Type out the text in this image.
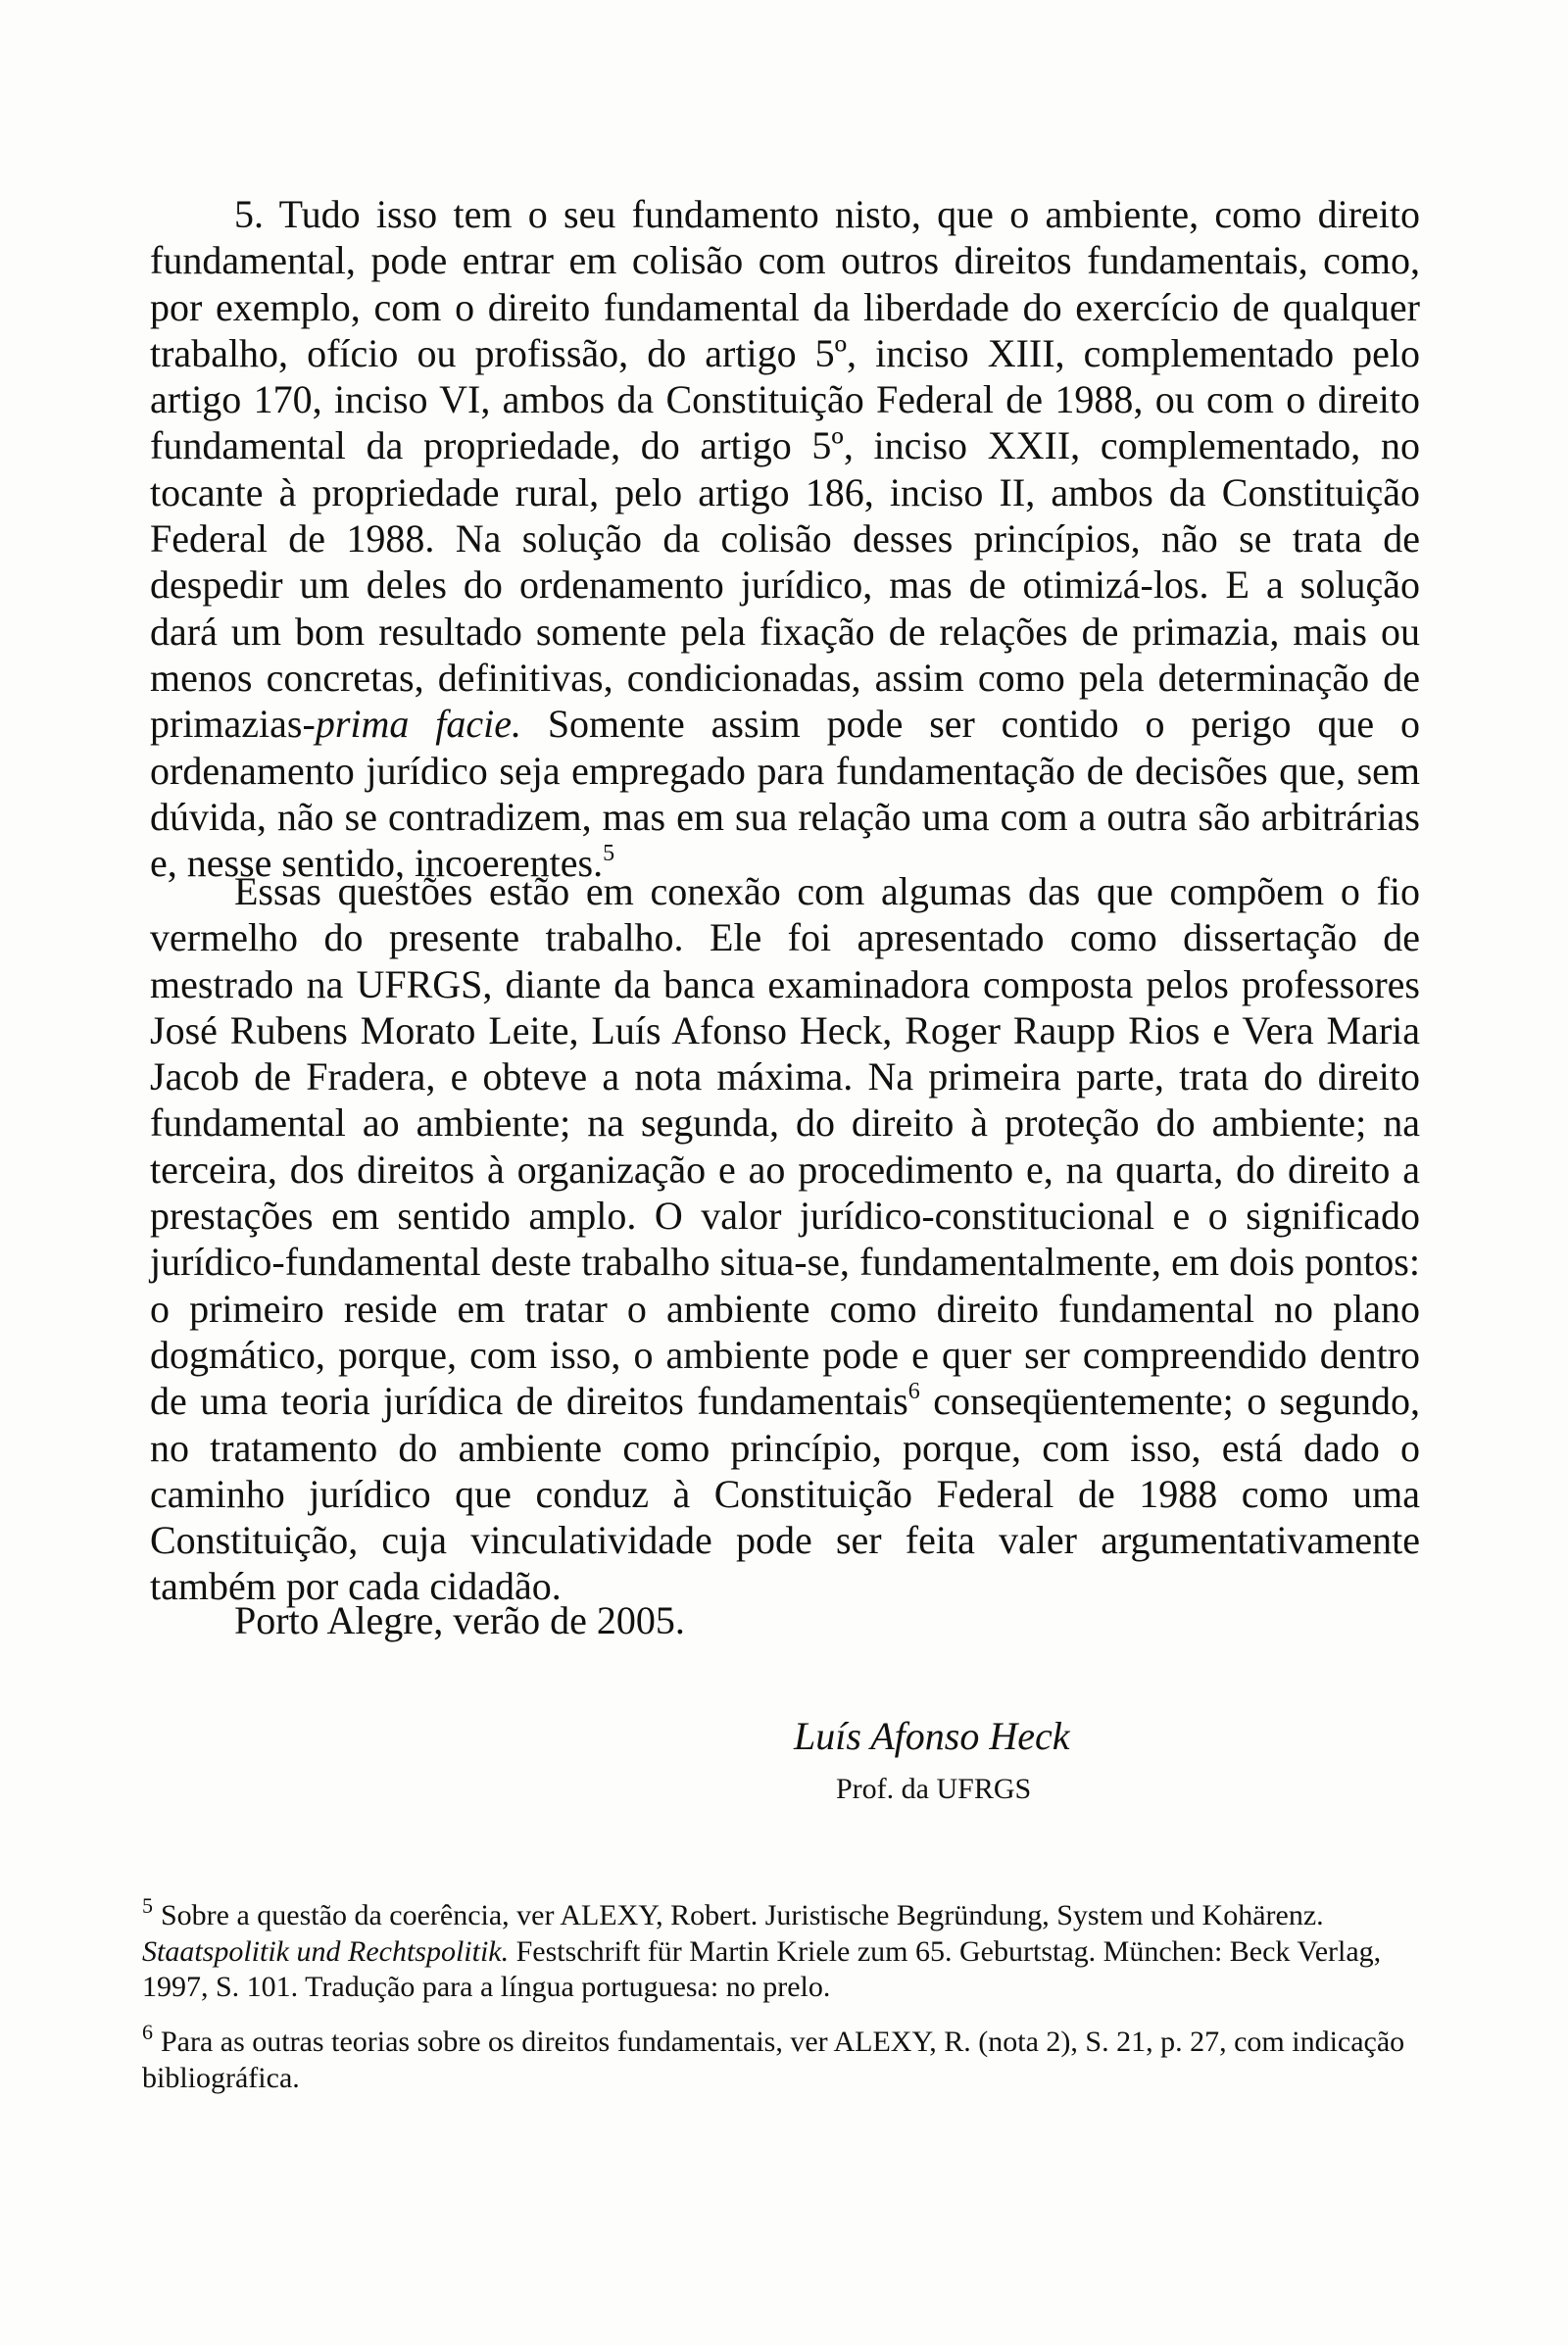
5. Tudo isso tem o seu fundamento nisto, que o ambiente, como direito fundamental, pode entrar em colisão com outros direitos fundamentais, como, por exemplo, com o direito fundamental da liberdade do exercício de qualquer trabalho, ofício ou profissão, do artigo 5º, inciso XIII, complementado pelo artigo 170, inciso VI, ambos da Constituição Federal de 1988, ou com o direito fundamental da propriedade, do artigo 5º, inciso XXII, complementado, no tocante à propriedade rural, pelo artigo 186, inciso II, ambos da Constituição Federal de 1988. Na solução da colisão desses princípios, não se trata de despedir um deles do ordenamento jurídico, mas de otimizá-los. E a solução dará um bom resultado somente pela fixação de relações de primazia, mais ou menos concretas, definitivas, condicionadas, assim como pela determinação de primazias-prima facie. Somente assim pode ser contido o perigo que o ordenamento jurídico seja empregado para fundamentação de decisões que, sem dúvida, não se contradizem, mas em sua relação uma com a outra são arbitrárias e, nesse sentido, incoerentes.$^5$

Essas questões estão em conexão com algumas das que compõem o fio vermelho do presente trabalho. Ele foi apresentado como dissertação de mestrado na UFRGS, diante da banca examinadora composta pelos professores José Rubens Morato Leite, Luís Afonso Heck, Roger Raupp Rios e Vera Maria Jacob de Fradera, e obteve a nota máxima. Na primeira parte, trata do direito fundamental ao ambiente; na segunda, do direito à proteção do ambiente; na terceira, dos direitos à organização e ao procedimento e, na quarta, do direito a prestações em sentido amplo. O valor jurídico-constitucional e o significado jurídico-fundamental deste trabalho situa-se, fundamentalmente, em dois pontos: o primeiro reside em tratar o ambiente como direito fundamental no plano dogmático, porque, com isso, o ambiente pode e quer ser compreendido dentro de uma teoria jurídica de direitos fundamentais$^6$ conseqüentemente; o segundo, no tratamento do ambiente como princípio, porque, com isso, está dado o caminho jurídico que conduz à Constituição Federal de 1988 como uma Constituição, cuja vinculatividade pode ser feita valer argumentativamente também por cada cidadão.

Porto Alegre, verão de 2005.
Luís Afonso Heck
Prof. da UFRGS
$^5$ Sobre a questão da coerência, ver ALEXY, Robert. Juristische Begründung, System und Kohärenz. Staatspolitik und Rechtspolitik. Festschrift für Martin Kriele zum 65. Geburtstag. München: Beck Verlag, 1997, S. 101. Tradução para a língua portuguesa: no prelo.
$^6$ Para as outras teorias sobre os direitos fundamentais, ver ALEXY, R. (nota 2), S. 21, p. 27, com indicação bibliográfica.
